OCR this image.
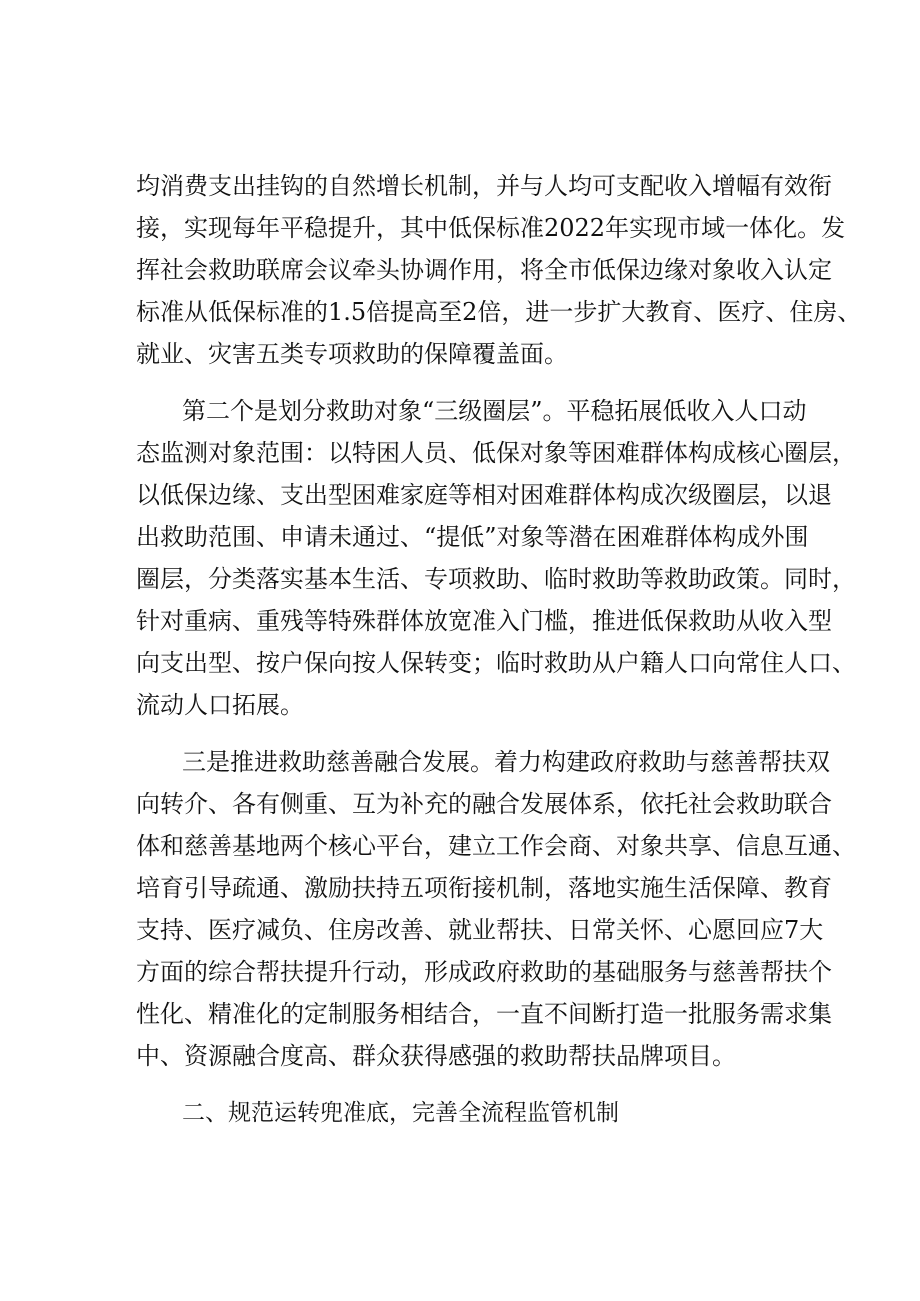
均消费支出挂钩的自然增长机制，并与人均可支配收入增幅有效衔
接，实现每年平稳提升，其中低保标准2022年实现市域一体化。发
挥社会救助联席会议牵头协调作用，将全市低保边缘对象收入认定
标准从低保标准的1.5倍提高至2倍，进一步扩大教育、医疗、住房、
就业、灾害五类专项救助的保障覆盖面。
第二个是划分救助对象“三级圈层”。平稳拓展低收入人口动
态监测对象范围：以特困人员、低保对象等困难群体构成核心圈层，
以低保边缘、支出型困难家庭等相对困难群体构成次级圈层，以退
出救助范围、申请未通过、“提低”对象等潜在困难群体构成外围
圈层，分类落实基本生活、专项救助、临时救助等救助政策。同时，
针对重病、重残等特殊群体放宽准入门槛，推进低保救助从收入型
向支出型、按户保向按人保转变；临时救助从户籍人口向常住人口、
流动人口拓展。
三是推进救助慈善融合发展。着力构建政府救助与慈善帮扶双
向转介、各有侧重、互为补充的融合发展体系，依托社会救助联合
体和慈善基地两个核心平台，建立工作会商、对象共享、信息互通、
培育引导疏通、激励扶持五项衔接机制，落地实施生活保障、教育
支持、医疗减负、住房改善、就业帮扶、日常关怀、心愿回应7大
方面的综合帮扶提升行动，形成政府救助的基础服务与慈善帮扶个
性化、精准化的定制服务相结合，一直不间断打造一批服务需求集
中、资源融合度高、群众获得感强的救助帮扶品牌项目。
二、规范运转兜准底，完善全流程监管机制
